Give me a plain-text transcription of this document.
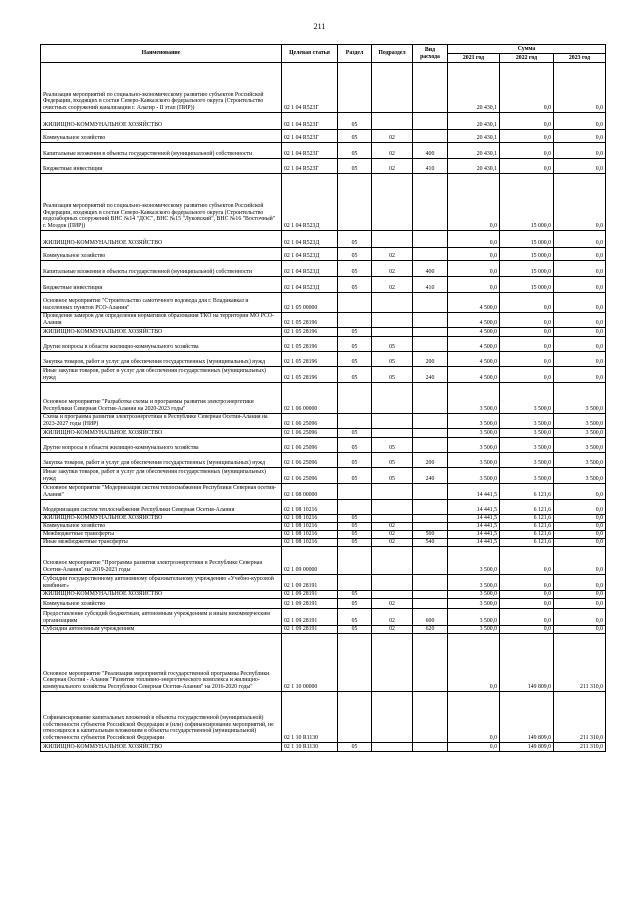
211
Наименование	Целевая статья	Раздел	Подраздел	Вид расхода	Сумма		
					2021 год	2022 год	2023 год
Реализация мероприятий по социально-экономическому развитию субъектов Российской Федерации, входящих в состав Северо-Кавказского федерального округа (Строительство очистных сооружений канализации г. Алагир - II этап (ПИР))	02 1 04 R523Г				20 430,1	0,0	0,0
ЖИЛИЩНО-КОММУНАЛЬНОЕ ХОЗЯЙСТВО	02 1 04 R523Г	05			20 430,1	0,0	0,0
Коммунальное хозяйство	02 1 04 R523Г	05	02		20 430,1	0,0	0,0
Капитальные вложения в объекты государственной (муниципальной) собственности	02 1 04 R523Г	05	02	400	20 430,1	0,0	0,0
Бюджетные инвестиции	02 1 04 R523Г	05	02	410	20 430,1	0,0	0,0
Реализация мероприятий по социально-экономическому развитию субъектов Российской Федерации, входящих в состав Северо-Кавказского федерального округа (Строительство водозаборных сооружений ВНС №14 "ДОС", ВНС №15 "Луковский", ВНС №16 "Восточный" г. Моздок (ПИР))	02 1 04 R523Д				0,0	15 000,0	0,0
ЖИЛИЩНО-КОММУНАЛЬНОЕ ХОЗЯЙСТВО	02 1 04 R523Д	05			0,0	15 000,0	0,0
Коммунальное хозяйство	02 1 04 R523Д	05	02		0,0	15 000,0	0,0
Капитальные вложения в объекты государственной (муниципальной) собственности	02 1 04 R523Д	05	02	400	0,0	15 000,0	0,0
Бюджетные инвестиции	02 1 04 R523Д	05	02	410	0,0	15 000,0	0,0
Основное мероприятие "Строительство самотечного водовода для г. Владикавказ и населенных пунктов РСО-Алания"	02 1 05 00000				4 500,0	0,0	0,0
Проведение замеров для определения нормативов образования ТКО на территории МО РСО-Алания	02 1 05 28196				4 500,0	0,0	0,0
ЖИЛИЩНО-КОММУНАЛЬНОЕ ХОЗЯЙСТВО	02 1 05 28196	05			4 500,0	0,0	0,0
Другие вопросы в области жилищно-коммунального хозяйства	02 1 05 28196	05	05		4 500,0	0,0	0,0
Закупка товаров, работ и услуг для обеспечения государственных (муниципальных) нужд	02 1 05 28196	05	05	200	4 500,0	0,0	0,0
Иные закупки товаров, работ и услуг для обеспечения государственных (муниципальных) нужд	02 1 05 28196	05	05	240	4 500,0	0,0	0,0
Основное мероприятие "Разработка схемы и программы развития электроэнергетики Республики Северная Осетия-Алания на 2020-2023 годы"	02 1 06 00000				3 500,0	3 500,0	3 500,0
Схема и программа развития электроэнергетики в Республике Северная Осетия-Алания на 2023-2027 годы (НИР)	02 1 06 25096				3 500,0	3 500,0	3 500,0
ЖИЛИЩНО-КОММУНАЛЬНОЕ ХОЗЯЙСТВО	02 1 06 25096	05			3 500,0	3 500,0	3 500,0
Другие вопросы в области жилищно-коммунального хозяйства	02 1 06 25096	05	05		3 500,0	3 500,0	3 500,0
Закупка товаров, работ и услуг для обеспечения государственных (муниципальных) нужд	02 1 06 25096	05	05	200	3 500,0	3 500,0	3 500,0
Иные закупки товаров, работ и услуг для обеспечения государственных (муниципальных) нужд	02 1 06 25096	05	05	240	3 500,0	3 500,0	3 500,0
Основное мероприятие "Модернизация систем теплоснабжения Республики Северная осетия-Алания"	02 1 08 00000				14 441,5	6 121,6	0,0
Модернизация систем теплоснабжения Республики Северная Осетия-Алания	02 1 08 10216				14 441,5	6 121,6	0,0
ЖИЛИЩНО-КОММУНАЛЬНОЕ ХОЗЯЙСТВО	02 1 08 10216	05			14 441,5	6 121,6	0,0
Коммунальное хозяйство	02 1 08 10216	05	02		14 441,5	6 121,6	0,0
Межбюджетные трансферты	02 1 08 10216	05	02	500	14 441,5	6 121,6	0,0
Иные межбюджетные трансферты	02 1 08 10216	05	02	540	14 441,5	6 121,6	0,0
Основное мероприятие "Программа развития электроэнергетики в Республике Северная Осетия-Алания" на 2019-2023 годы	02 1 09 00000				3 500,0	0,0	0,0
Субсидии государственному автономному образовательному учреждению «Учебно-курсовой комбинат»	02 1 09 28191				3 500,0	0,0	0,0
ЖИЛИЩНО-КОММУНАЛЬНОЕ ХОЗЯЙСТВО	02 1 09 28191	05			3 500,0	0,0	0,0
Коммунальное хозяйство	02 1 09 28191	05	02		3 500,0	0,0	0,0
Предоставление субсидий бюджетным, автономным учреждениям и иным некоммерческим организациям	02 1 09 28191	05	02	600	3 500,0	0,0	0,0
Субсидии автономным учреждениям	02 1 09 28191	05	02	620	3 500,0	0,0	0,0
Основное мероприятие "Реализация мероприятий государственной программы Республики Северная Осетия - Алания "Развитие топливно-энергетического комплекса и жилищно-коммунального хозяйства Республики Северная Осетия-Алания" на 2016-2020 годы"	02 1 10 00000				0,0	149 809,0	211 310,0
Софинансирование капитальных вложений в объекты государственной (муниципальной) собственности субъектов Российской Федерации и (или) софинансирование мероприятий, не относящихся к капитальным вложениям в объекты государственной (муниципальной) собственности субъектов Российской Федерации	02 1 10 R1130				0,0	149 809,0	211 310,0
ЖИЛИЩНО-КОММУНАЛЬНОЕ ХОЗЯЙСТВО	02 1 10 R1130	05			0,0	149 809,0	211 310,0
